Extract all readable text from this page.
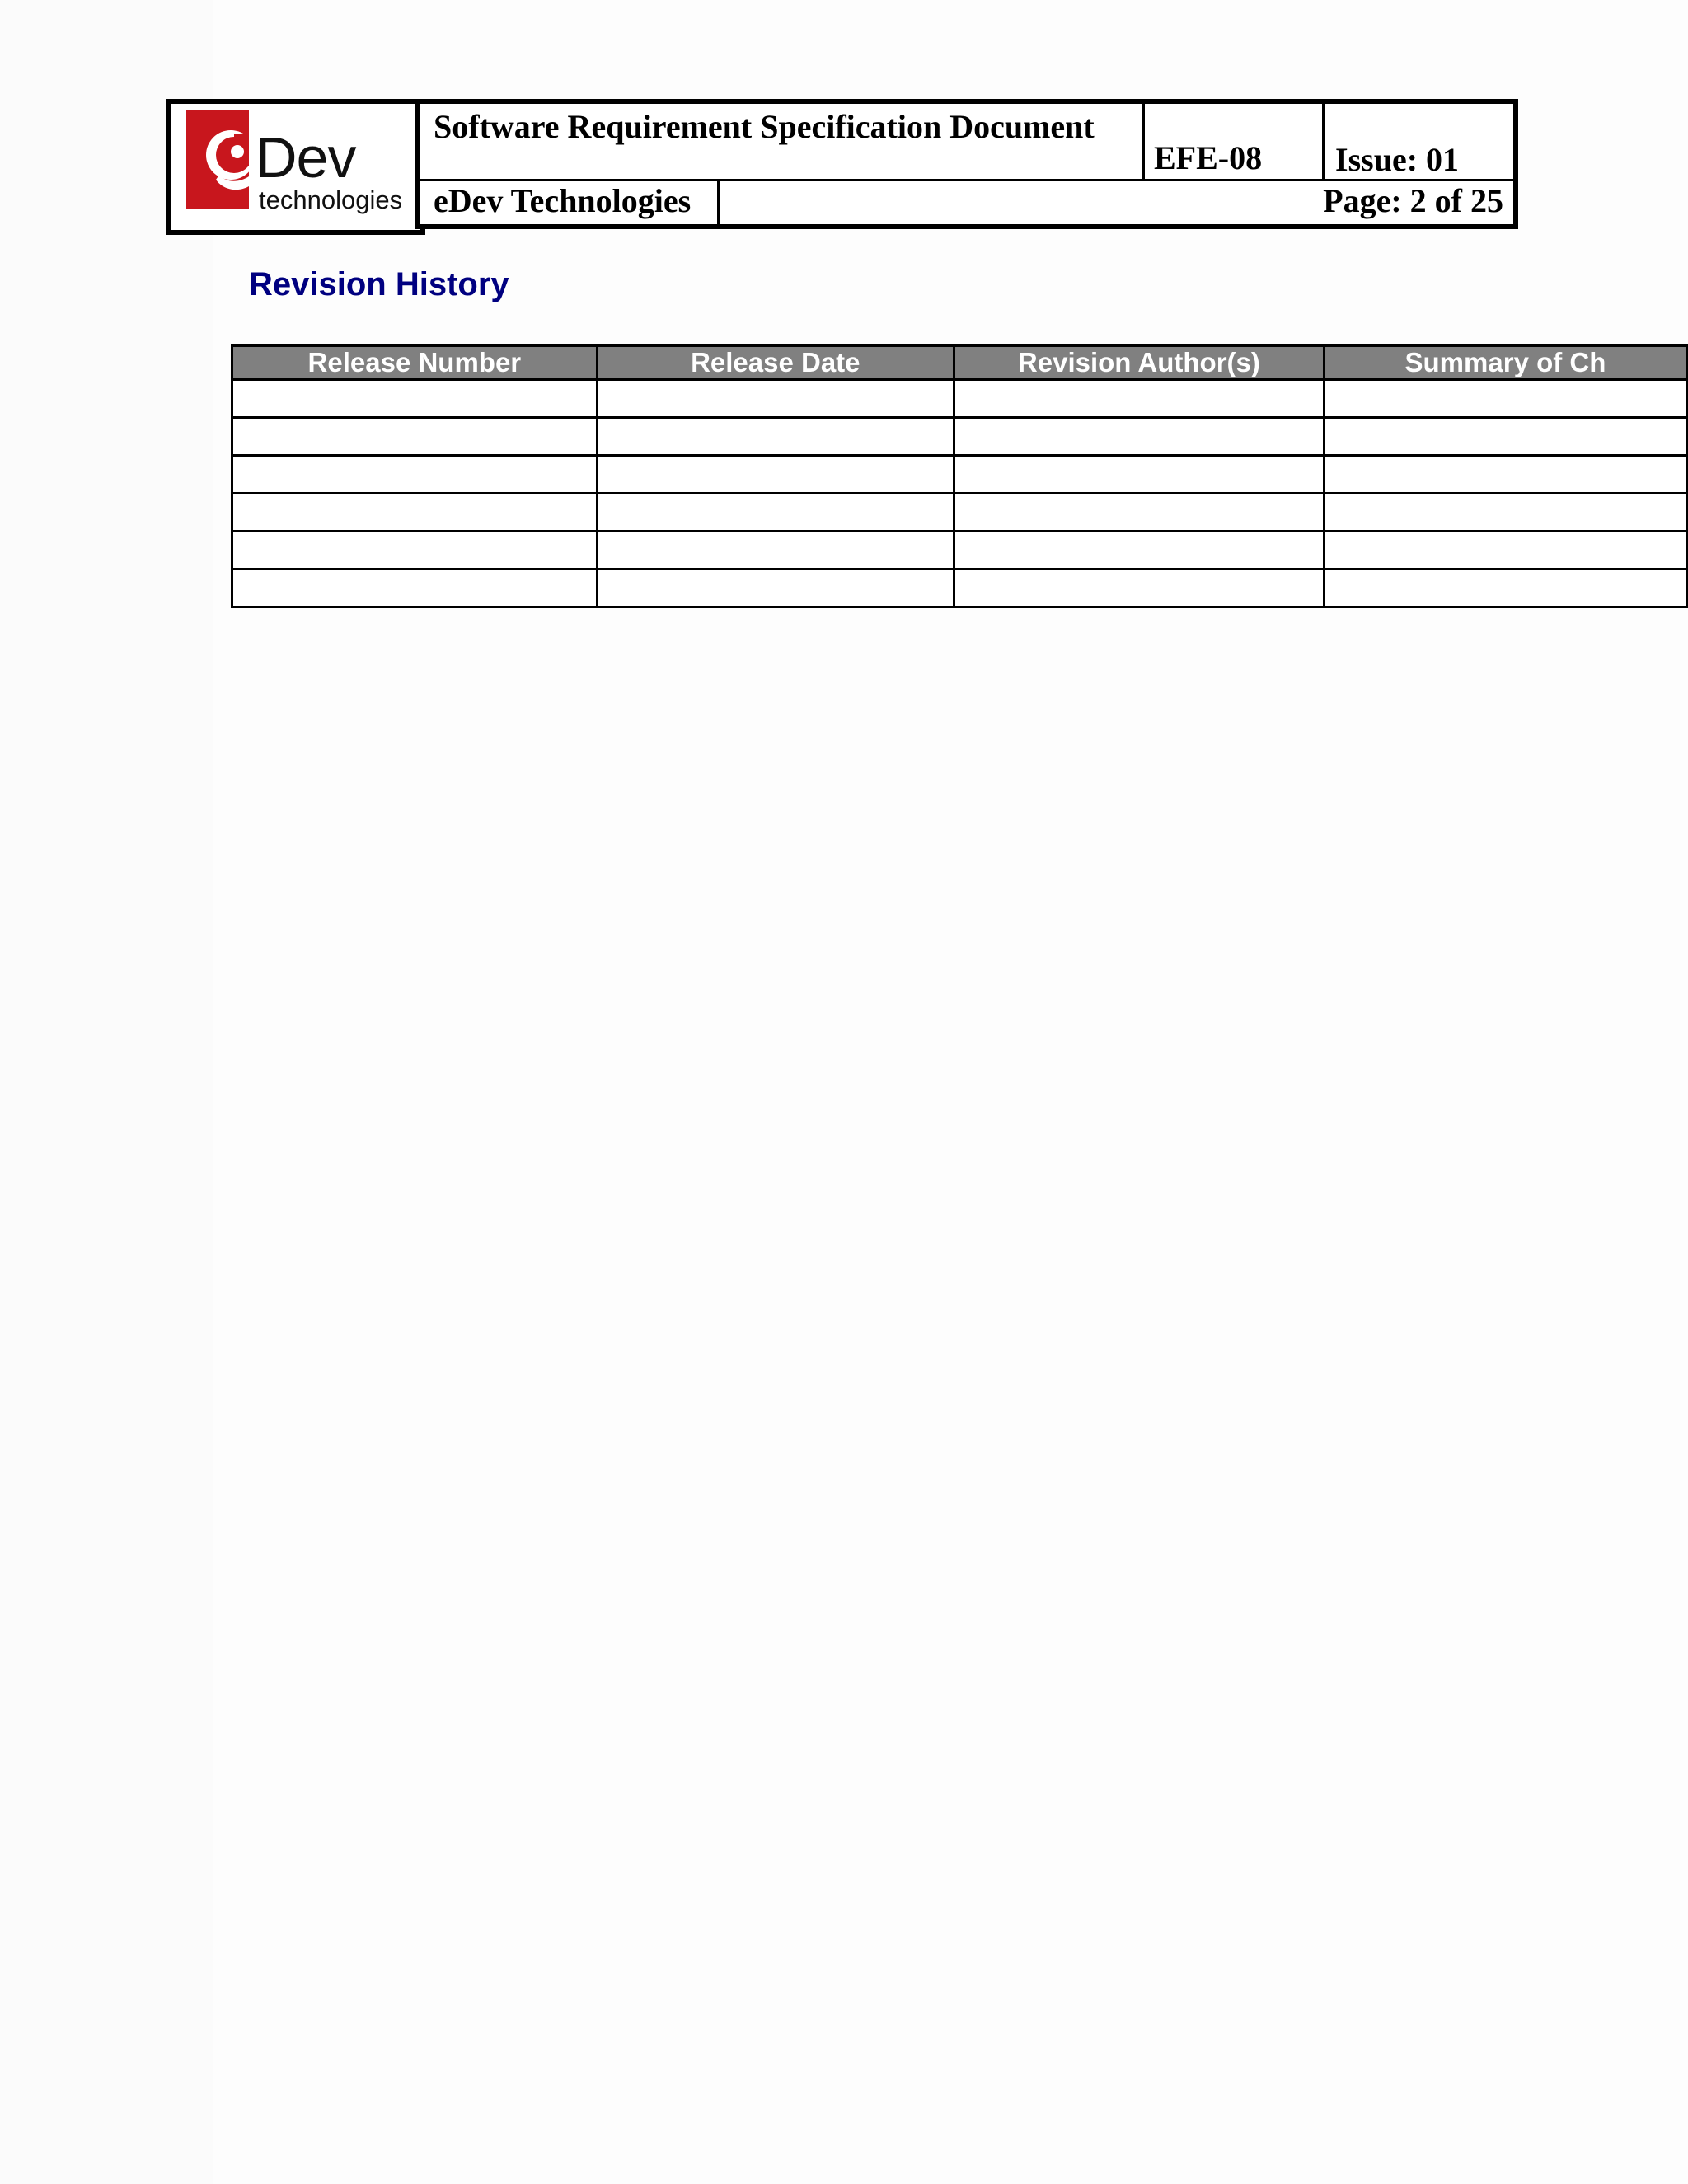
Dev
technologies
Software Requirement Specification Document
EFE-08 Issue: 01
eDev Technologies	Page: 2 of 25
Revision History
Release Number	Release Date	Revision Author(s)	Summary of Ch
